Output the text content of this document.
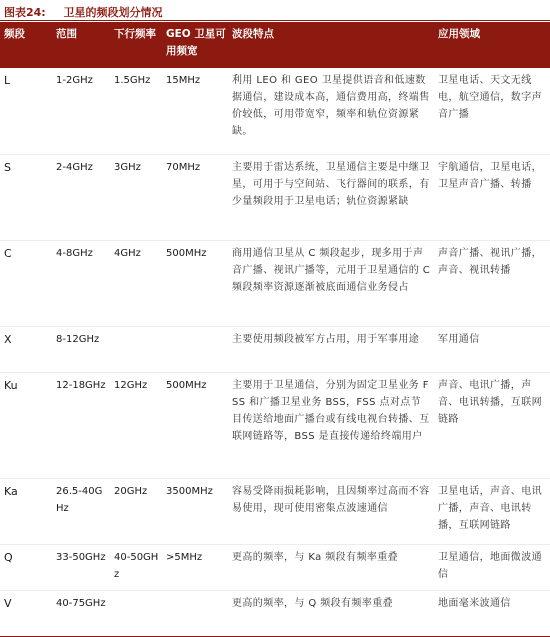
图表24: 卫星的频段划分情况
频段	范围	下行频率	GEO 卫星可用频宽	波段特点	应用领域
L	1-2GHz	1.5GHz	15MHz	利用 LEO 和 GEO 卫星提供语音和低速数据通信，建设成本高，通信费用高，终端售价较低，可用带宽窄，频率和轨位资源紧缺。	卫星电话、天文无线电，航空通信，数字声音广播
S	2-4GHz	3GHz	70MHz	主要用于雷达系统，卫星通信主要是中继卫星，可用于与空间站、飞行器间的联系，有少量频段用于卫星电话；轨位资源紧缺	宇航通信，卫星电话，卫星声音广播、转播
C	4-8GHz	4GHz	500MHz	商用通信卫星从 C 频段起步，现多用于声音广播、视讯广播等，元用于卫星通信的 C 频段频率资源逐渐被底面通信业务侵占	声音广播、视讯广播，声音、视讯转播
X	8-12GHz			主要使用频段被军方占用，用于军事用途	军用通信
Ku	12-18GHz	12GHz	500MHz	主要用于卫星通信，分别为固定卫星业务 FSS 和广播卫星业务 BSS，FSS 点对点节目传送给地面广播台或有线电视台转播、互联网链路等，BSS 是直接传递给终端用户	声音、电讯广播，声音、电讯转播，互联网链路
Ka	26.5-40GHz	20GHz	3500MHz	容易受降雨损耗影响，且因频率过高而不容易使用，现可使用密集点波速通信	卫星电话，声音、电讯广播，声音、电讯转播，互联网链路
Q	33-50GHz	40-50GHz	>5MHz	更高的频率，与 Ka 频段有频率重叠	卫星通信，地面微波通信
V	40-75GHz			更高的频率，与 Q 频段有频率重叠	地面毫米波通信
